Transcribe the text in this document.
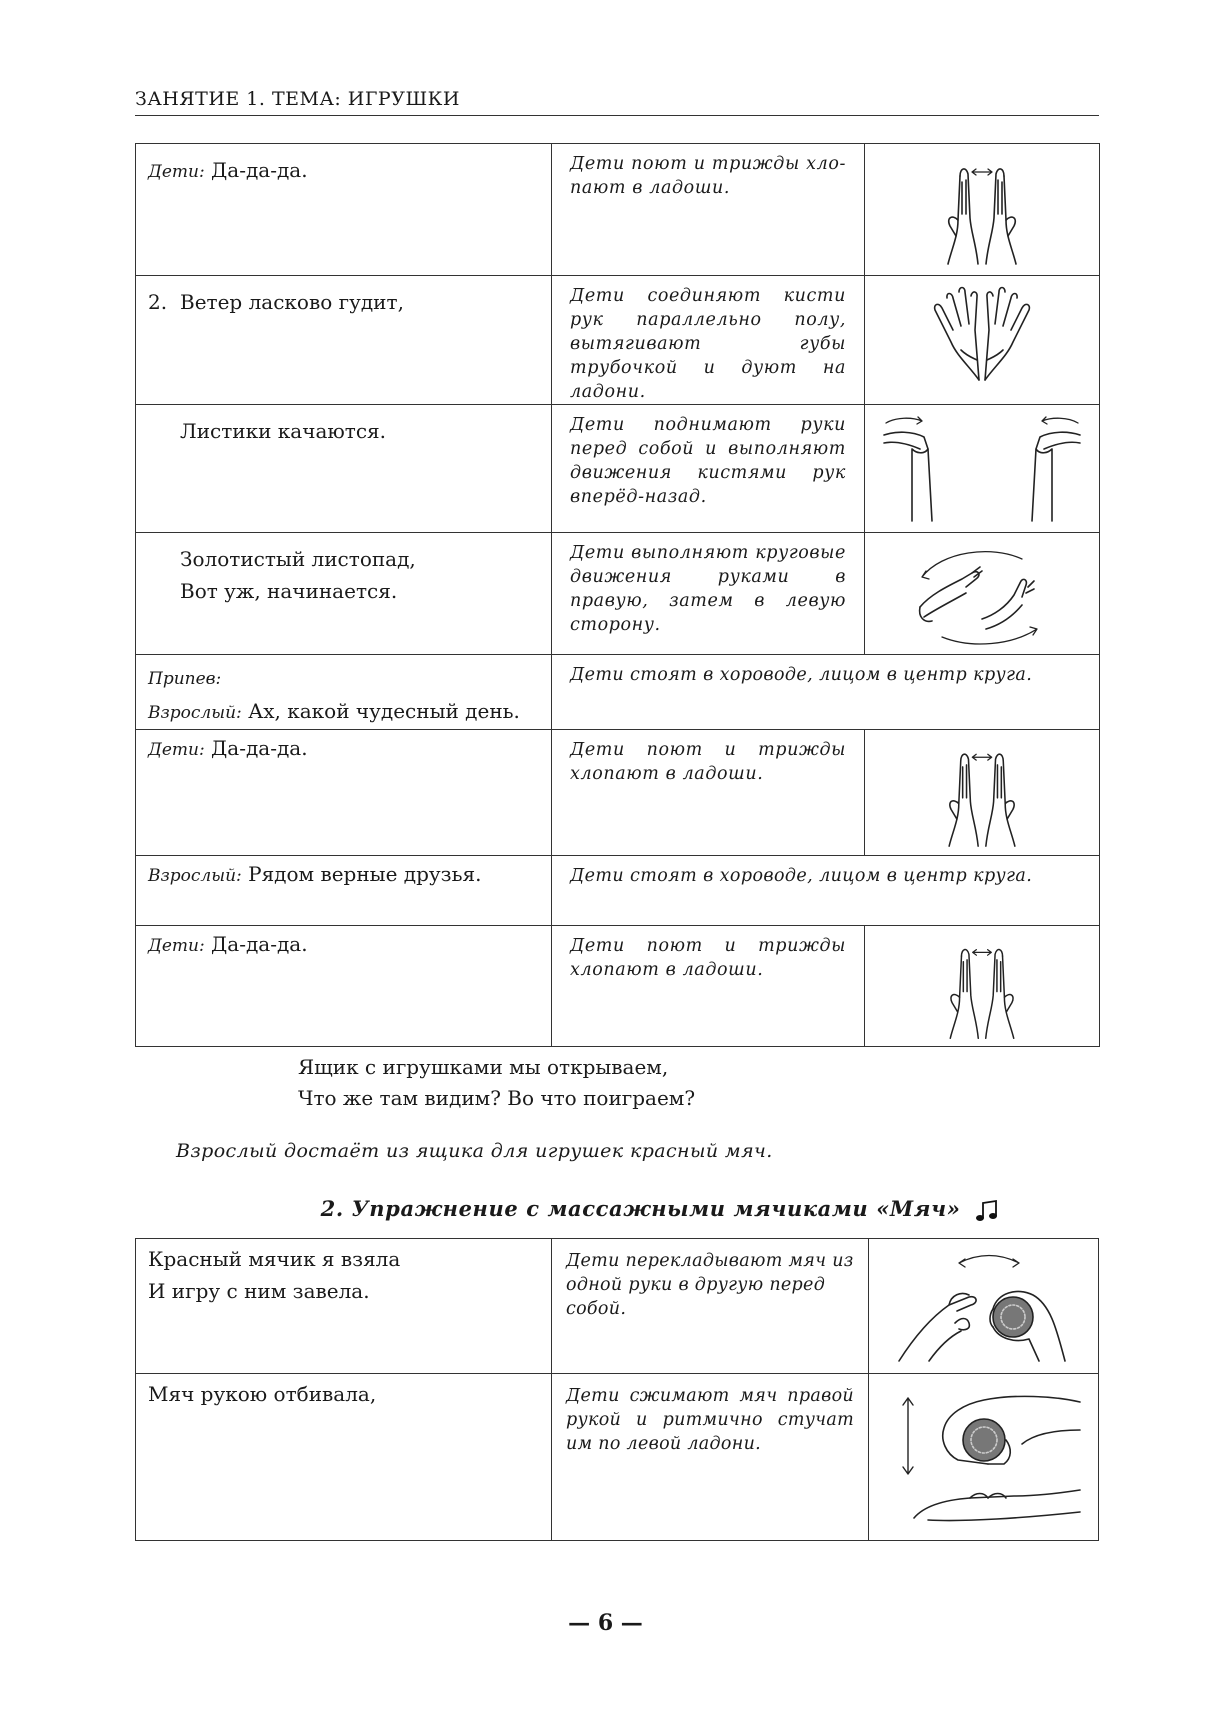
ЗАНЯТИЕ 1. ТЕМА: ИГРУШКИ
Дети: Да-да-да.	Дети поют и трижды хло-пают в ладоши.

2. Ветер ласково гудит,	Дети соединяют кисти рук параллельно полу, вытягивают губы трубочкой и дуют на ладони.

Листики качаются.	Дети поднимают руки перед собой и выполняют движения кистями рук вперёд-назад.

Золотистый листопад,
Вот уж, начинается.	Дети выполняют круговые движения руками в правую, затем в левую сторону.

Припев:
Взрослый: Ах, какой чудесный день.	Дети стоят в хороводе, лицом в центр круга.	

Дети: Да-да-да.	Дети поют и трижды хлопают в ладоши.

Взрослый: Рядом верные друзья.	Дети стоят в хороводе, лицом в центр круга.	

Дети: Да-да-да.	Дети поют и трижды хлопают в ладоши.

Ящик с игрушками мы открываем,
Что же там видим? Во что поиграем?
Взрослый достаёт из ящика для игрушек красный мяч.
2. Упражнение с массажными мячиками «Мяч»
Красный мячик я взяла
И игру с ним завела.	Дети перекладывают мяч из одной руки в другую перед собой.

Мяч рукою отбивала,	Дети сжимают мяч правой рукой и ритмично стучат им по левой ладони.

— 6 —
